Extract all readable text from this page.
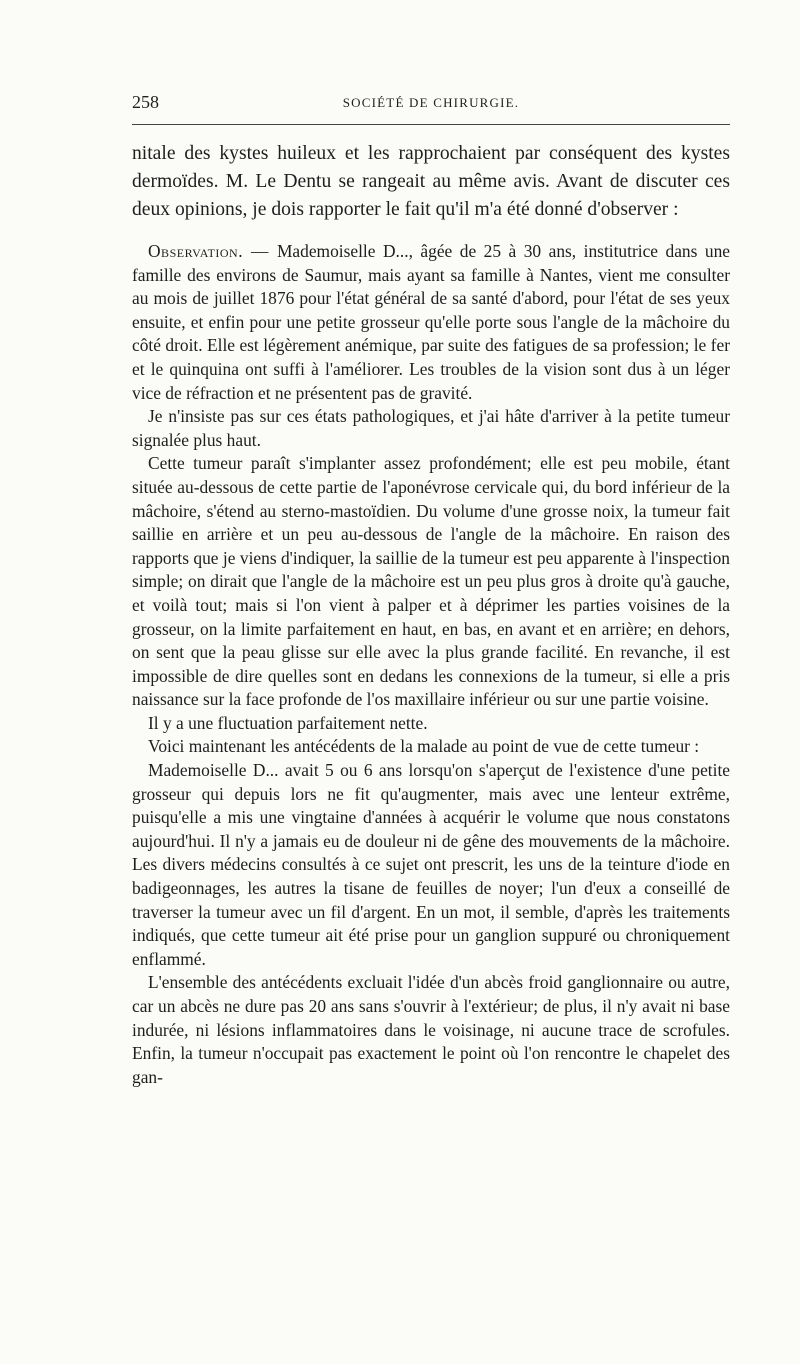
258	SOCIÉTÉ DE CHIRURGIE.

nitale des kystes huileux et les rapprochaient par conséquent des kystes dermoïdes. M. Le Dentu se rangeait au même avis. Avant de discuter ces deux opinions, je dois rapporter le fait qu'il m'a été donné d'observer :

Observation. — Mademoiselle D..., âgée de 25 à 30 ans, institutrice dans une famille des environs de Saumur, mais ayant sa famille à Nantes, vient me consulter au mois de juillet 1876 pour l'état général de sa santé d'abord, pour l'état de ses yeux ensuite, et enfin pour une petite grosseur qu'elle porte sous l'angle de la mâchoire du côté droit. Elle est légèrement anémique, par suite des fatigues de sa profession; le fer et le quinquina ont suffi à l'améliorer. Les troubles de la vision sont dus à un léger vice de réfraction et ne présentent pas de gravité.

Je n'insiste pas sur ces états pathologiques, et j'ai hâte d'arriver à la petite tumeur signalée plus haut.

Cette tumeur paraît s'implanter assez profondément; elle est peu mobile, étant située au-dessous de cette partie de l'aponévrose cervicale qui, du bord inférieur de la mâchoire, s'étend au sterno-mastoïdien. Du volume d'une grosse noix, la tumeur fait saillie en arrière et un peu au-dessous de l'angle de la mâchoire. En raison des rapports que je viens d'indiquer, la saillie de la tumeur est peu apparente à l'inspection simple; on dirait que l'angle de la mâchoire est un peu plus gros à droite qu'à gauche, et voilà tout; mais si l'on vient à palper et à déprimer les parties voisines de la grosseur, on la limite parfaitement en haut, en bas, en avant et en arrière; en dehors, on sent que la peau glisse sur elle avec la plus grande facilité. En revanche, il est impossible de dire quelles sont en dedans les connexions de la tumeur, si elle a pris naissance sur la face profonde de l'os maxillaire inférieur ou sur une partie voisine.

Il y a une fluctuation parfaitement nette.

Voici maintenant les antécédents de la malade au point de vue de cette tumeur :

Mademoiselle D... avait 5 ou 6 ans lorsqu'on s'aperçut de l'existence d'une petite grosseur qui depuis lors ne fit qu'augmenter, mais avec une lenteur extrême, puisqu'elle a mis une vingtaine d'années à acquérir le volume que nous constatons aujourd'hui. Il n'y a jamais eu de douleur ni de gêne des mouvements de la mâchoire. Les divers médecins consultés à ce sujet ont prescrit, les uns de la teinture d'iode en badigeonnages, les autres la tisane de feuilles de noyer; l'un d'eux a conseillé de traverser la tumeur avec un fil d'argent. En un mot, il semble, d'après les traitements indiqués, que cette tumeur ait été prise pour un ganglion suppuré ou chroniquement enflammé.

L'ensemble des antécédents excluait l'idée d'un abcès froid ganglionnaire ou autre, car un abcès ne dure pas 20 ans sans s'ouvrir à l'extérieur; de plus, il n'y avait ni base indurée, ni lésions inflammatoires dans le voisinage, ni aucune trace de scrofules. Enfin, la tumeur n'occupait pas exactement le point où l'on rencontre le chapelet des gan-
